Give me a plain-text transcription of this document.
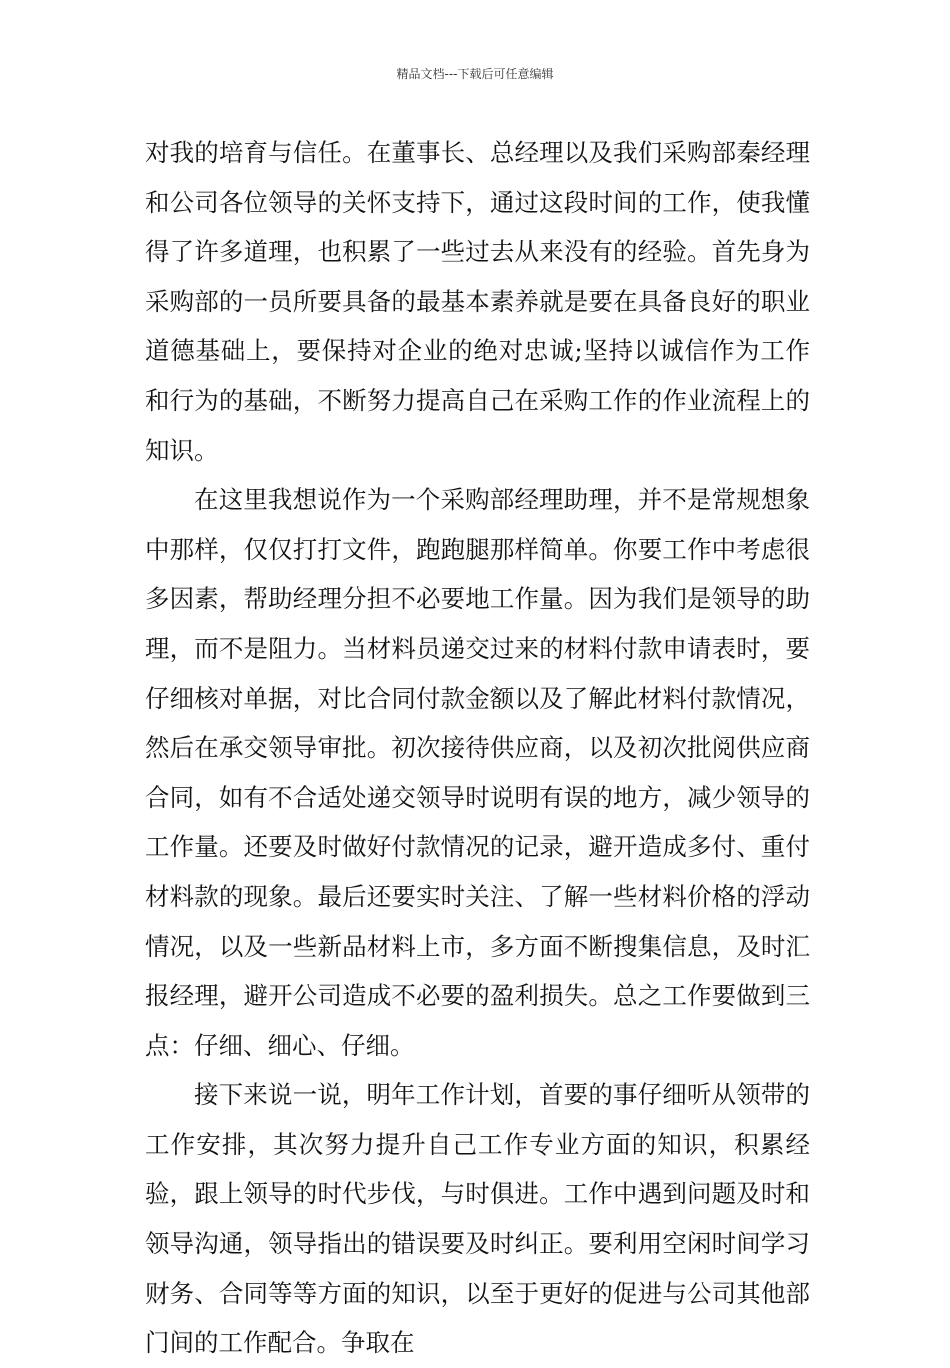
精品文档---下载后可任意编辑

对我的培育与信任。在董事长、总经理以及我们采购部秦经理和公司各位领导的关怀支持下，通过这段时间的工作，使我懂得了许多道理，也积累了一些过去从来没有的经验。首先身为采购部的一员所要具备的最基本素养就是要在具备良好的职业道德基础上，要保持对企业的绝对忠诚;坚持以诚信作为工作和行为的基础，不断努力提高自己在采购工作的作业流程上的知识。

在这里我想说作为一个采购部经理助理，并不是常规想象中那样，仅仅打打文件，跑跑腿那样简单。你要工作中考虑很多因素，帮助经理分担不必要地工作量。因为我们是领导的助理，而不是阻力。当材料员递交过来的材料付款申请表时，要仔细核对单据，对比合同付款金额以及了解此材料付款情况，然后在承交领导审批。初次接待供应商，以及初次批阅供应商合同，如有不合适处递交领导时说明有误的地方，减少领导的工作量。还要及时做好付款情况的记录，避开造成多付、重付材料款的现象。最后还要实时关注、了解一些材料价格的浮动情况，以及一些新品材料上市，多方面不断搜集信息，及时汇报经理，避开公司造成不必要的盈利损失。总之工作要做到三点：仔细、细心、仔细。

接下来说一说，明年工作计划，首要的事仔细听从领带的工作安排，其次努力提升自己工作专业方面的知识，积累经验，跟上领导的时代步伐，与时俱进。工作中遇到问题及时和领导沟通，领导指出的错误要及时纠正。要利用空闲时间学习财务、合同等等方面的知识，以至于更好的促进与公司其他部门间的工作配合。争取在
